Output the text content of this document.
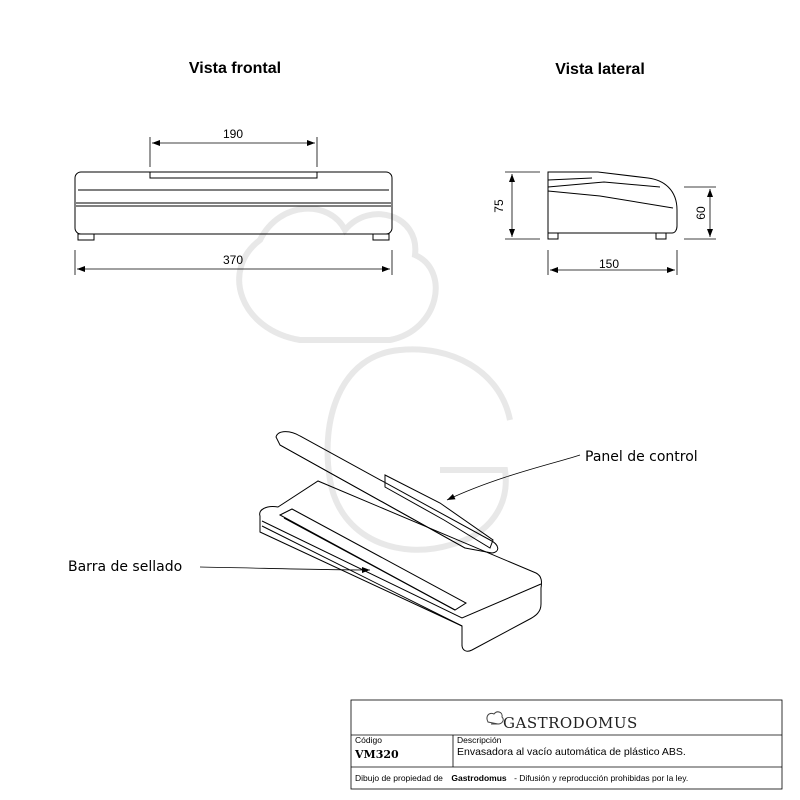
Vista frontal	Vista lateral
190
370
75
60
150
Panel de control
Barra de sellado
GASTRODOMUS
Código
VM320
Descripción
Envasadora al vacío automática de plástico ABS.
Dibujo de propiedad de Gastrodomus - Difusión y reproducción prohibidas por la ley.
